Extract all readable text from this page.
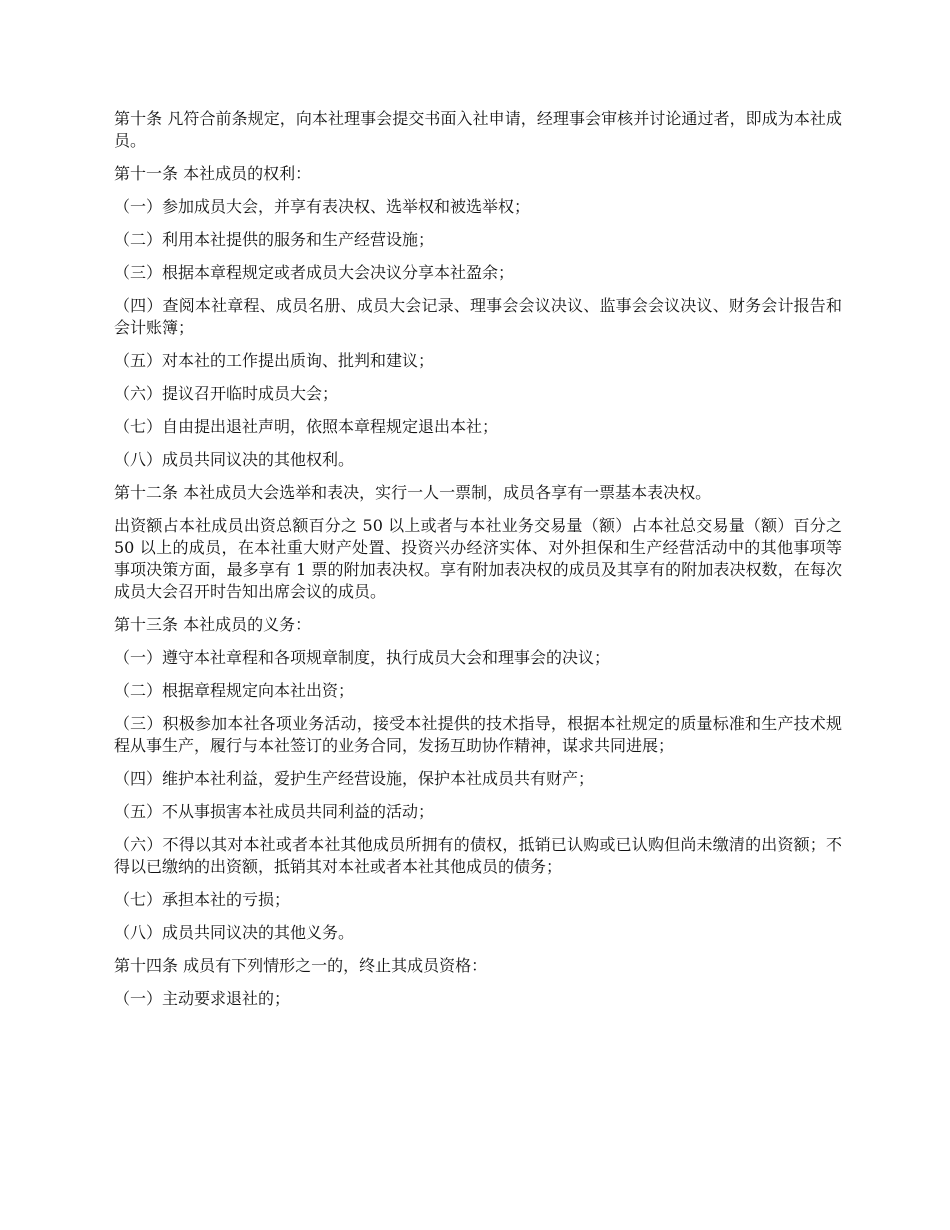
第十条 凡符合前条规定，向本社理事会提交书面入社申请，经理事会审核并讨论通过者，即成为本社成员。

第十一条 本社成员的权利：

（一）参加成员大会，并享有表决权、选举权和被选举权；

（二）利用本社提供的服务和生产经营设施；

（三）根据本章程规定或者成员大会决议分享本社盈余；

（四）查阅本社章程、成员名册、成员大会记录、理事会会议决议、监事会会议决议、财务会计报告和会计账簿；

（五）对本社的工作提出质询、批判和建议；

（六）提议召开临时成员大会；

（七）自由提出退社声明，依照本章程规定退出本社；

（八）成员共同议决的其他权利。

第十二条 本社成员大会选举和表决，实行一人一票制，成员各享有一票基本表决权。

出资额占本社成员出资总额百分之 50 以上或者与本社业务交易量（额）占本社总交易量（额）百分之 50 以上的成员，在本社重大财产处置、投资兴办经济实体、对外担保和生产经营活动中的其他事项等事项决策方面，最多享有 1 票的附加表决权。享有附加表决权的成员及其享有的附加表决权数，在每次成员大会召开时告知出席会议的成员。

第十三条 本社成员的义务：

（一）遵守本社章程和各项规章制度，执行成员大会和理事会的决议；

（二）根据章程规定向本社出资；

（三）积极参加本社各项业务活动，接受本社提供的技术指导，根据本社规定的质量标准和生产技术规程从事生产，履行与本社签订的业务合同，发扬互助协作精神，谋求共同进展；

（四）维护本社利益，爱护生产经营设施，保护本社成员共有财产；

（五）不从事损害本社成员共同利益的活动；

（六）不得以其对本社或者本社其他成员所拥有的债权，抵销已认购或已认购但尚未缴清的出资额；不得以已缴纳的出资额，抵销其对本社或者本社其他成员的债务；

（七）承担本社的亏损；

（八）成员共同议决的其他义务。

第十四条 成员有下列情形之一的，终止其成员资格：

（一）主动要求退社的；
